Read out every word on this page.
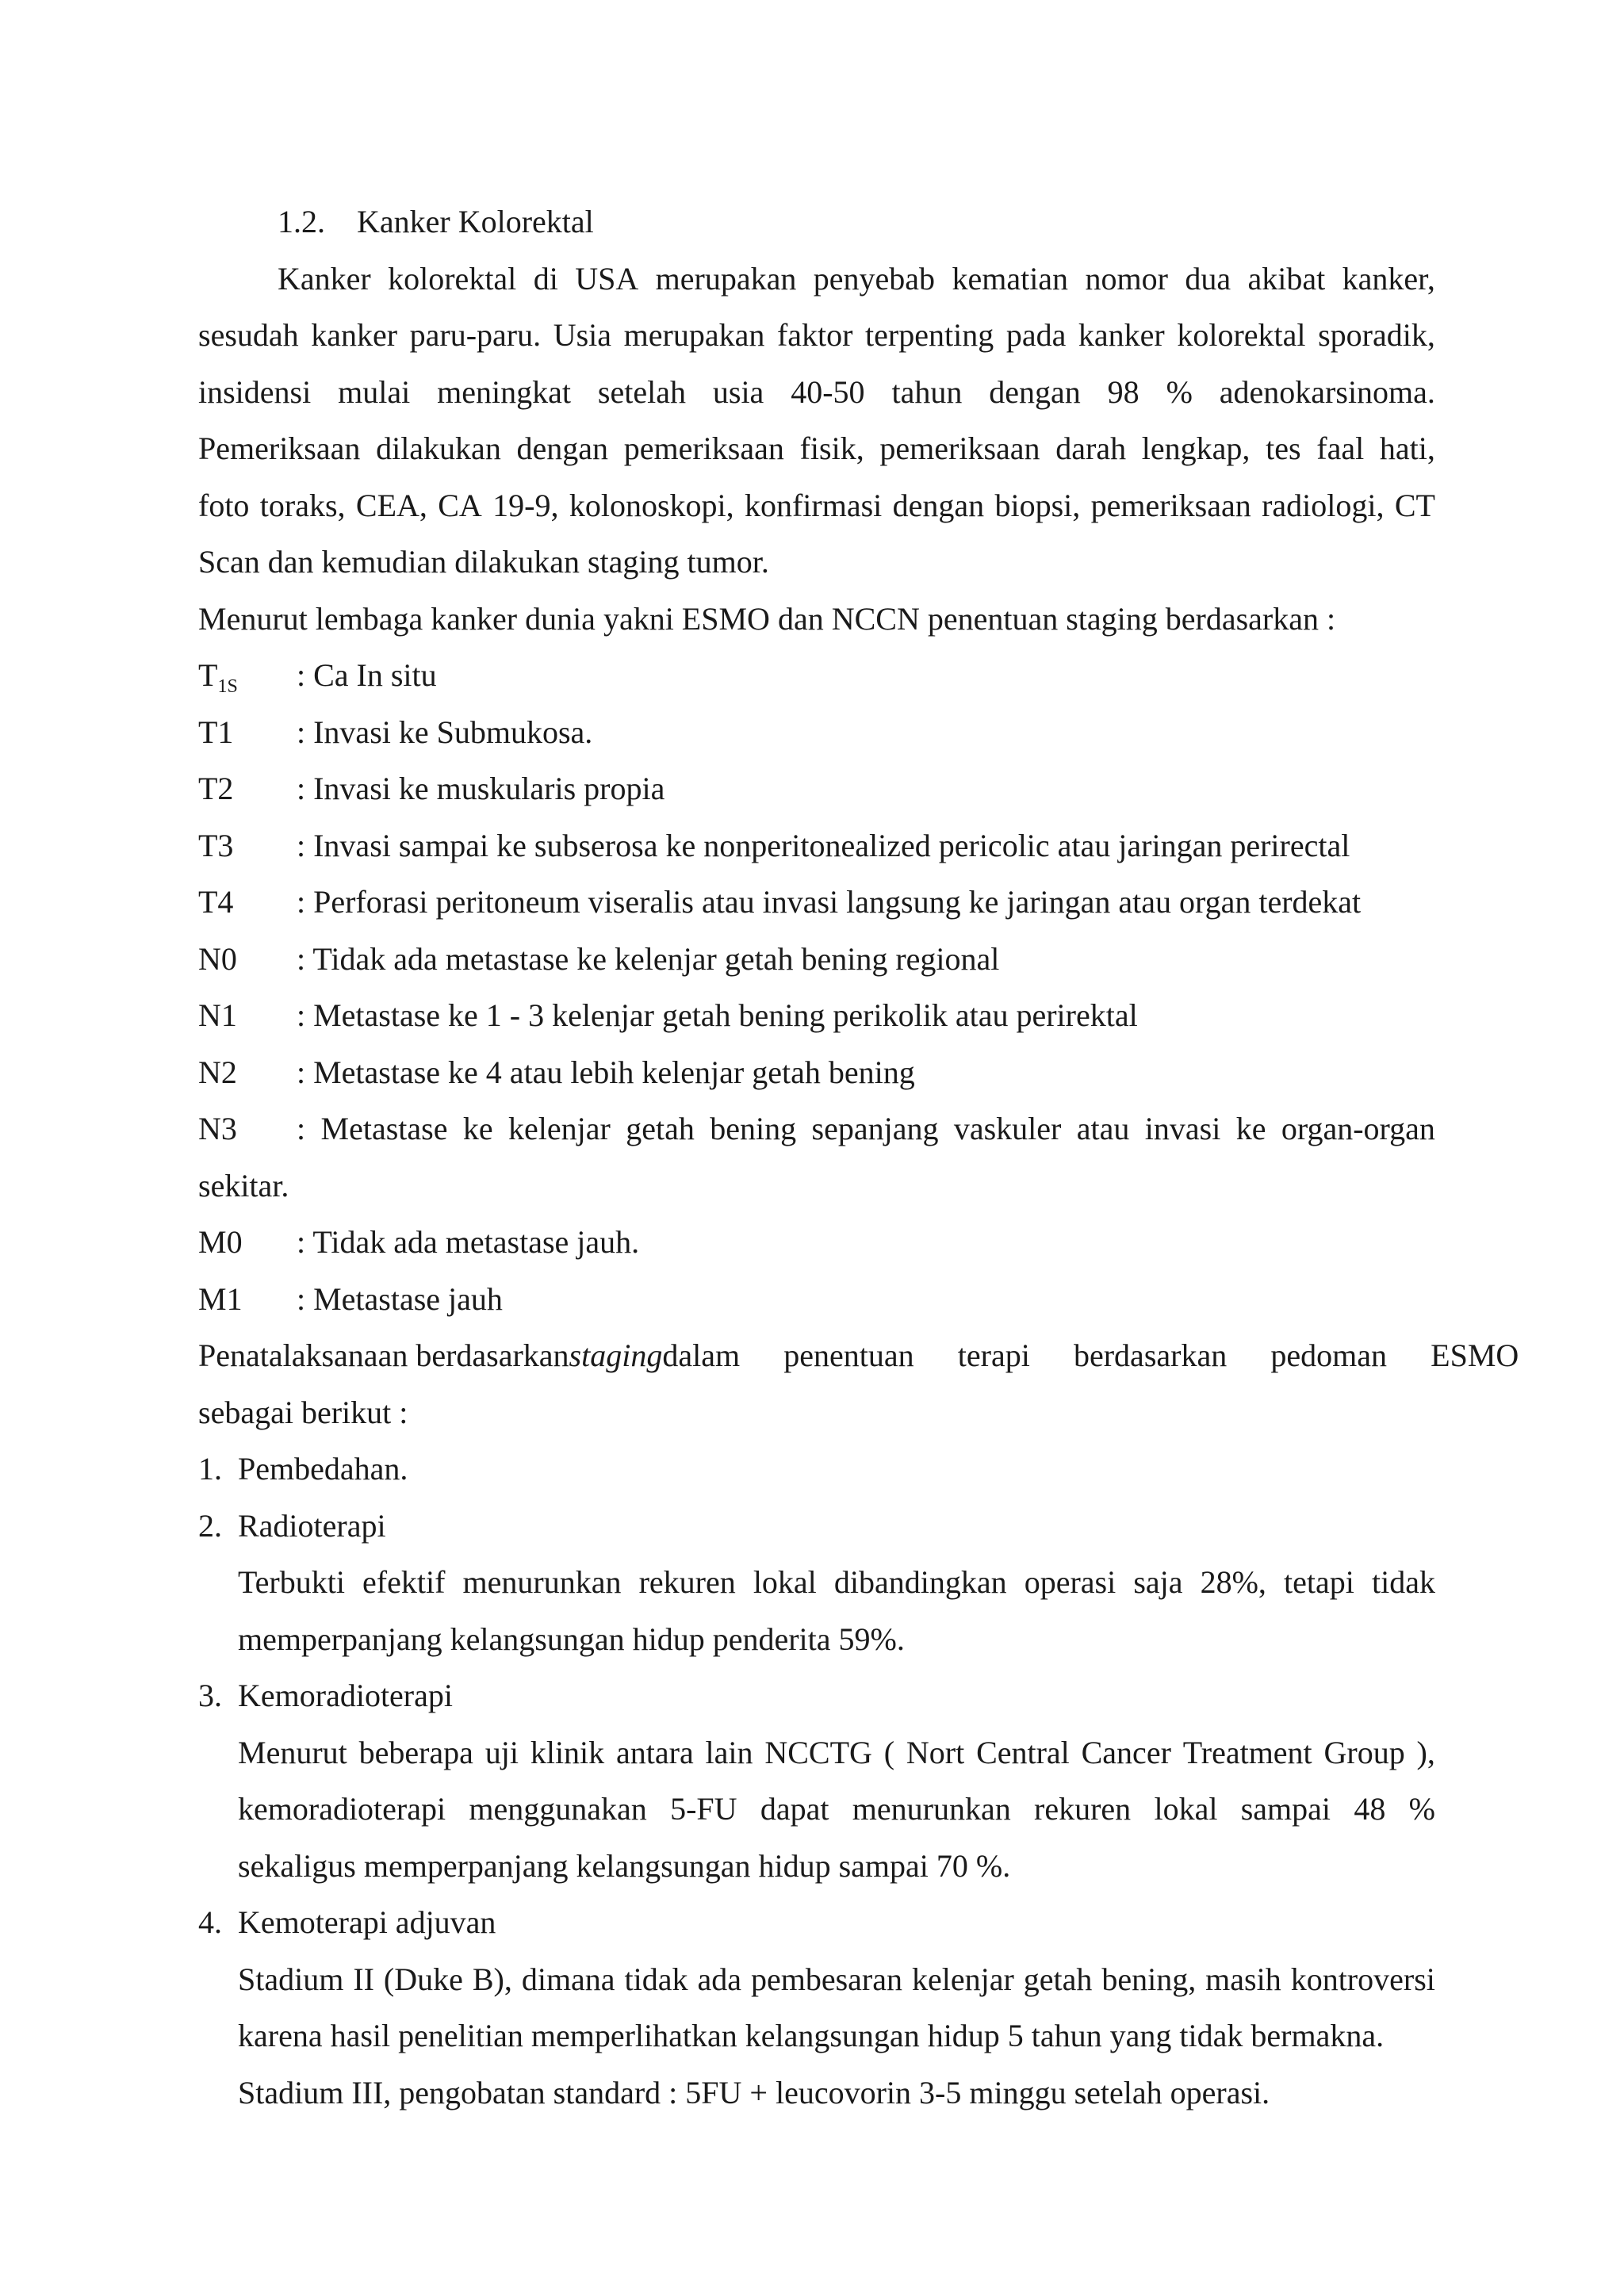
1.2. Kanker Kolorektal
Kanker kolorektal di USA merupakan penyebab kematian nomor dua akibat kanker,
sesudah kanker paru-paru. Usia merupakan faktor terpenting pada kanker kolorektal sporadik,
insidensi mulai meningkat setelah usia 40-50 tahun dengan 98 % adenokarsinoma.
Pemeriksaan dilakukan dengan pemeriksaan fisik, pemeriksaan darah lengkap, tes faal hati,
foto toraks, CEA, CA 19-9, kolonoskopi, konfirmasi dengan biopsi, pemeriksaan radiologi, CT
Scan dan kemudian dilakukan staging tumor.
Menurut lembaga kanker dunia yakni ESMO dan NCCN penentuan staging berdasarkan :
$T_{1S}$	: Ca In situ
T1	: Invasi ke Submukosa.
T2	: Invasi ke muskularis propia
T3	: Invasi sampai ke subserosa ke nonperitonealized pericolic atau jaringan perirectal
T4	: Perforasi peritoneum viseralis atau invasi langsung ke jaringan atau organ terdekat
N0	: Tidak ada metastase ke kelenjar getah bening regional
N1	: Metastase ke 1 - 3 kelenjar getah bening perikolik atau perirektal
N2	: Metastase ke 4 atau lebih kelenjar getah bening
N3	: Metastase ke kelenjar getah bening sepanjang vaskuler atau invasi ke organ-organ
sekitar.
M0	: Tidak ada metastase jauh.
M1	: Metastase jauh
Penatalaksanaan berdasarkan staging dalam penentuan terapi berdasarkan pedoman ESMO
sebagai berikut :
1. Pembedahan.
2. Radioterapi
Terbukti efektif menurunkan rekuren lokal dibandingkan operasi saja 28%, tetapi tidak
memperpanjang kelangsungan hidup penderita 59%.
3. Kemoradioterapi
Menurut beberapa uji klinik antara lain NCCTG ( Nort Central Cancer Treatment Group ),
kemoradioterapi menggunakan 5-FU dapat menurunkan rekuren lokal sampai 48 %
sekaligus memperpanjang kelangsungan hidup sampai 70 %.
4. Kemoterapi adjuvan
Stadium II (Duke B), dimana tidak ada pembesaran kelenjar getah bening, masih kontroversi
karena hasil penelitian memperlihatkan kelangsungan hidup 5 tahun yang tidak bermakna.
Stadium III, pengobatan standard : 5FU + leucovorin 3-5 minggu setelah operasi.
